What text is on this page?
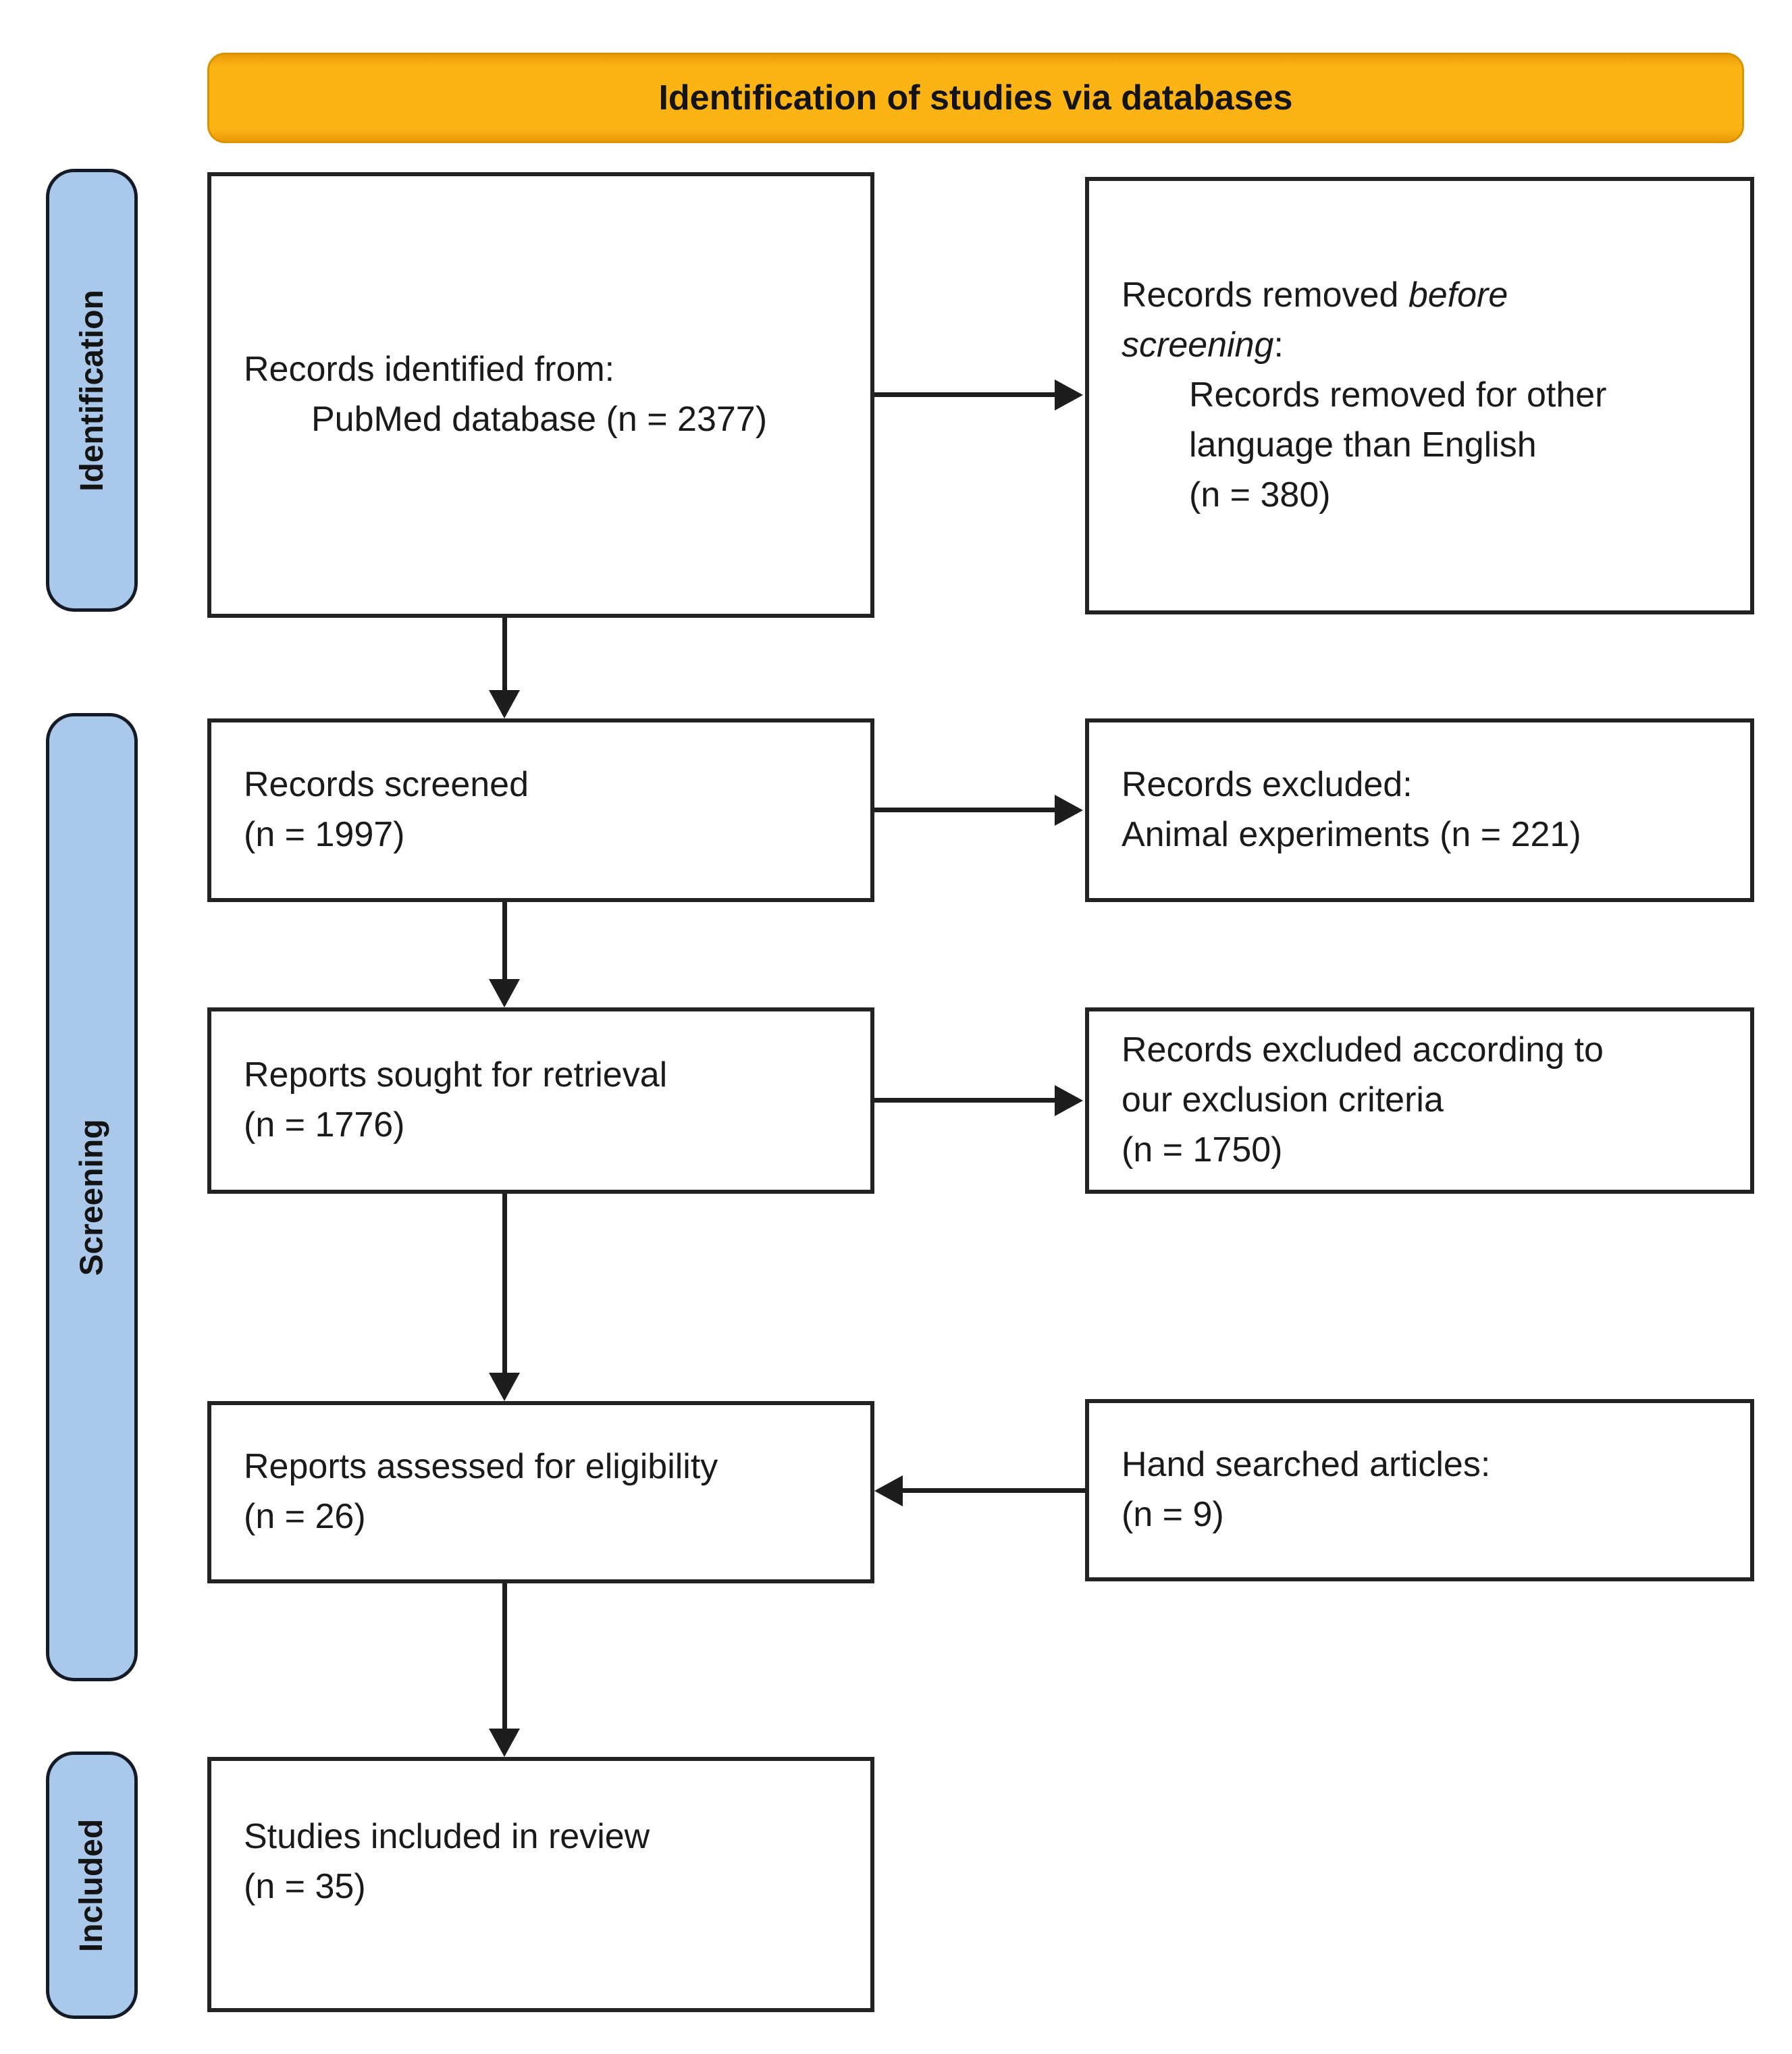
Identification of studies via databases
Identification
Screening
Included
Records identified from:
PubMed database (n = 2377)
Records removed before
screening:
Records removed for other
language than English
(n = 380)
Records screened
(n = 1997)
Records excluded:
Animal experiments (n = 221)
Reports sought for retrieval
(n = 1776)
Records excluded according to
our exclusion criteria
(n = 1750)
Reports assessed for eligibility
(n = 26)
Hand searched articles:
(n = 9)
Studies included in review
(n = 35)
